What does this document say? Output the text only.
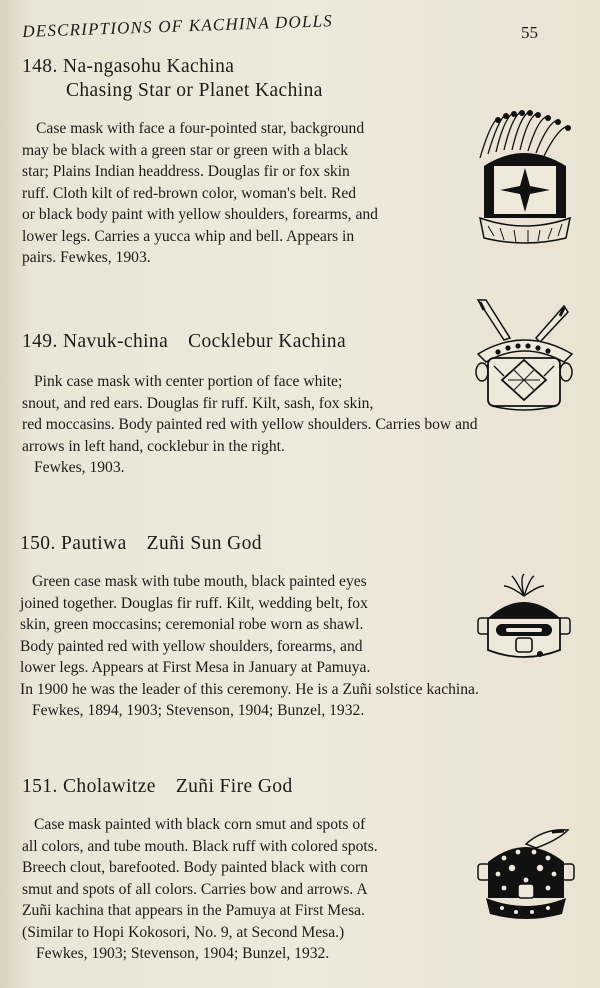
DESCRIPTIONS OF KACHINA DOLLS	55
148. Na-ngasohu Kachina
Chasing Star or Planet Kachina
Case mask with face a four-pointed star, background
may be black with a green star or green with a black
star; Plains Indian headdress. Douglas fir or fox skin
ruff. Cloth kilt of red-brown color, woman's belt. Red
or black body paint with yellow shoulders, forearms, and
lower legs. Carries a yucca whip and bell. Appears in
pairs. Fewkes, 1903.
149. Navuk-china Cocklebur Kachina
Pink case mask with center portion of face white;
snout, and red ears. Douglas fir ruff. Kilt, sash, fox skin,
red moccasins. Body painted red with yellow shoulders. Carries bow and
arrows in left hand, cocklebur in the right.
Fewkes, 1903.
150. Pautiwa Zuñi Sun God
Green case mask with tube mouth, black painted eyes
joined together. Douglas fir ruff. Kilt, wedding belt, fox
skin, green moccasins; ceremonial robe worn as shawl.
Body painted red with yellow shoulders, forearms, and
lower legs. Appears at First Mesa in January at Pamuya.
In 1900 he was the leader of this ceremony. He is a Zuñi solstice kachina.
Fewkes, 1894, 1903; Stevenson, 1904; Bunzel, 1932.
151. Cholawitze Zuñi Fire God
Case mask painted with black corn smut and spots of
all colors, and tube mouth. Black ruff with colored spots.
Breech clout, barefooted. Body painted black with corn
smut and spots of all colors. Carries bow and arrows. A
Zuñi kachina that appears in the Pamuya at First Mesa.
(Similar to Hopi Kokosori, No. 9, at Second Mesa.)
Fewkes, 1903; Stevenson, 1904; Bunzel, 1932.
